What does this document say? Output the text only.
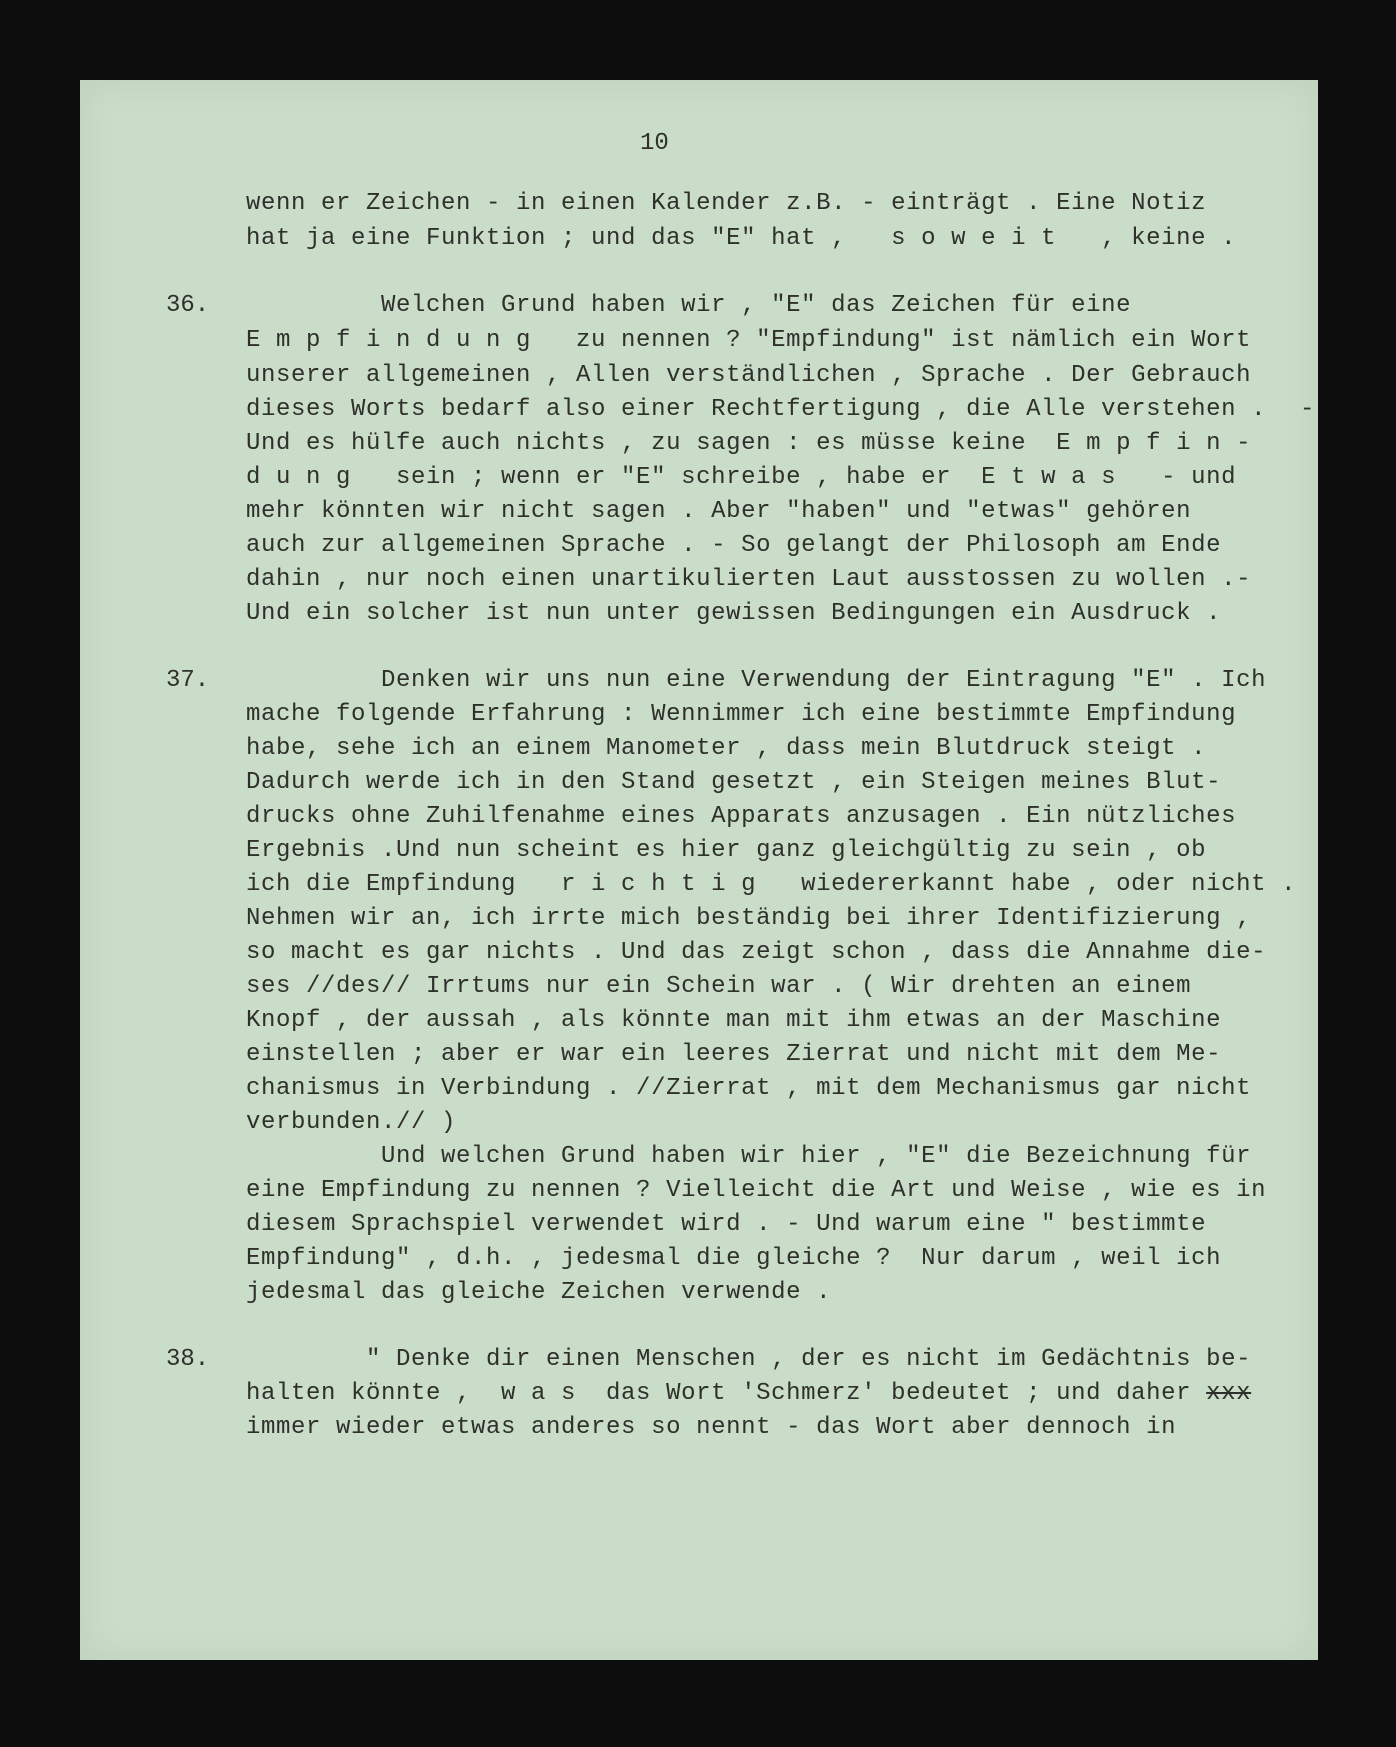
10
wenn er Zeichen - in einen Kalender z.B. - einträgt . Eine Notiz
hat ja eine Funktion ; und das "E" hat ,   s o w e i t   , keine .
36. Welchen Grund haben wir , "E" das Zeichen für eine
E m p f i n d u n g   zu nennen ? "Empfindung" ist nämlich ein Wort
unserer allgemeinen , Allen verständlichen , Sprache . Der Gebrauch
dieses Worts bedarf also einer Rechtfertigung , die Alle verstehen .
Und es hülfe auch nichts , zu sagen : es müsse keine  E m p f i n -
d u n g   sein ; wenn er "E" schreibe , habe er  E t w a s   - und
mehr könnten wir nicht sagen . Aber "haben" und "etwas" gehören
auch zur allgemeinen Sprache . - So gelangt der Philosoph am Ende
dahin , nur noch einen unartikulierten Laut ausstossen zu wollen .-
Und ein solcher ist nun unter gewissen Bedingungen ein Ausdruck .
-
37. Denken wir uns nun eine Verwendung der Eintragung "E" . Ich
mache folgende Erfahrung : Wennimmer ich eine bestimmte Empfindung
habe, sehe ich an einem Manometer , dass mein Blutdruck steigt .
Dadurch werde ich in den Stand gesetzt , ein Steigen meines Blut-
drucks ohne Zuhilfenahme eines Apparats anzusagen . Ein nützliches
Ergebnis .Und nun scheint es hier ganz gleichgültig zu sein , ob
ich die Empfindung   r i c h t i g   wiedererkannt habe , oder nicht .
Nehmen wir an, ich irrte mich beständig bei ihrer Identifizierung ,
so macht es gar nichts . Und das zeigt schon , dass die Annahme die-
ses //des// Irrtums nur ein Schein war . ( Wir drehten an einem
Knopf , der aussah , als könnte man mit ihm etwas an der Maschine
einstellen ; aber er war ein leeres Zierrat und nicht mit dem Me-
chanismus in Verbindung . //Zierrat , mit dem Mechanismus gar nicht
verbunden.// )
Und welchen Grund haben wir hier , "E" die Bezeichnung für
eine Empfindung zu nennen ? Vielleicht die Art und Weise , wie es in
diesem Sprachspiel verwendet wird . - Und warum eine " bestimmte
Empfindung" , d.h. , jedesmal die gleiche ?  Nur darum , weil ich
jedesmal das gleiche Zeichen verwende .
38. " Denke dir einen Menschen , der es nicht im Gedächtnis be-
halten könnte ,  w a s  das Wort 'Schmerz' bedeutet ; und daher xxx
immer wieder etwas anderes so nennt - das Wort aber dennoch in
